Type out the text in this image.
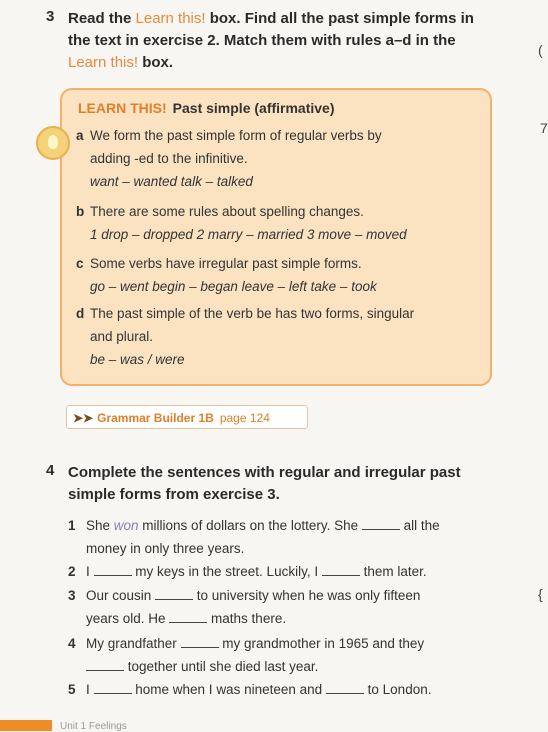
3 Read the Learn this! box. Find all the past simple forms in
the text in exercise 2. Match them with rules a–d in the
Learn this! box.
(
LEARN THIS! Past simple (affirmative)
a We form the past simple form of regular verbs by
adding -ed to the infinitive.
want – wanted talk – talked
b There are some rules about spelling changes.
1 drop – dropped 2 marry – married 3 move – moved
c Some verbs have irregular past simple forms.
go – went begin – began leave – left take – took
d The past simple of the verb be has two forms, singular
and plural.
be – was / were
7
➤➤ Grammar Builder 1B page 124
4 Complete the sentences with regular and irregular past
simple forms from exercise 3.
1 She won millions of dollars on the lottery. She	all the
money in only three years.
2 I	my keys in the street. Luckily, I	them later.
3 Our cousin	to university when he was only fifteen
years old. He	maths there.
{
4 My grandfather	my grandmother in 1965 and they
together until she died last year.
5 I	home when I was nineteen and	to London.
Unit 1 Feelings
